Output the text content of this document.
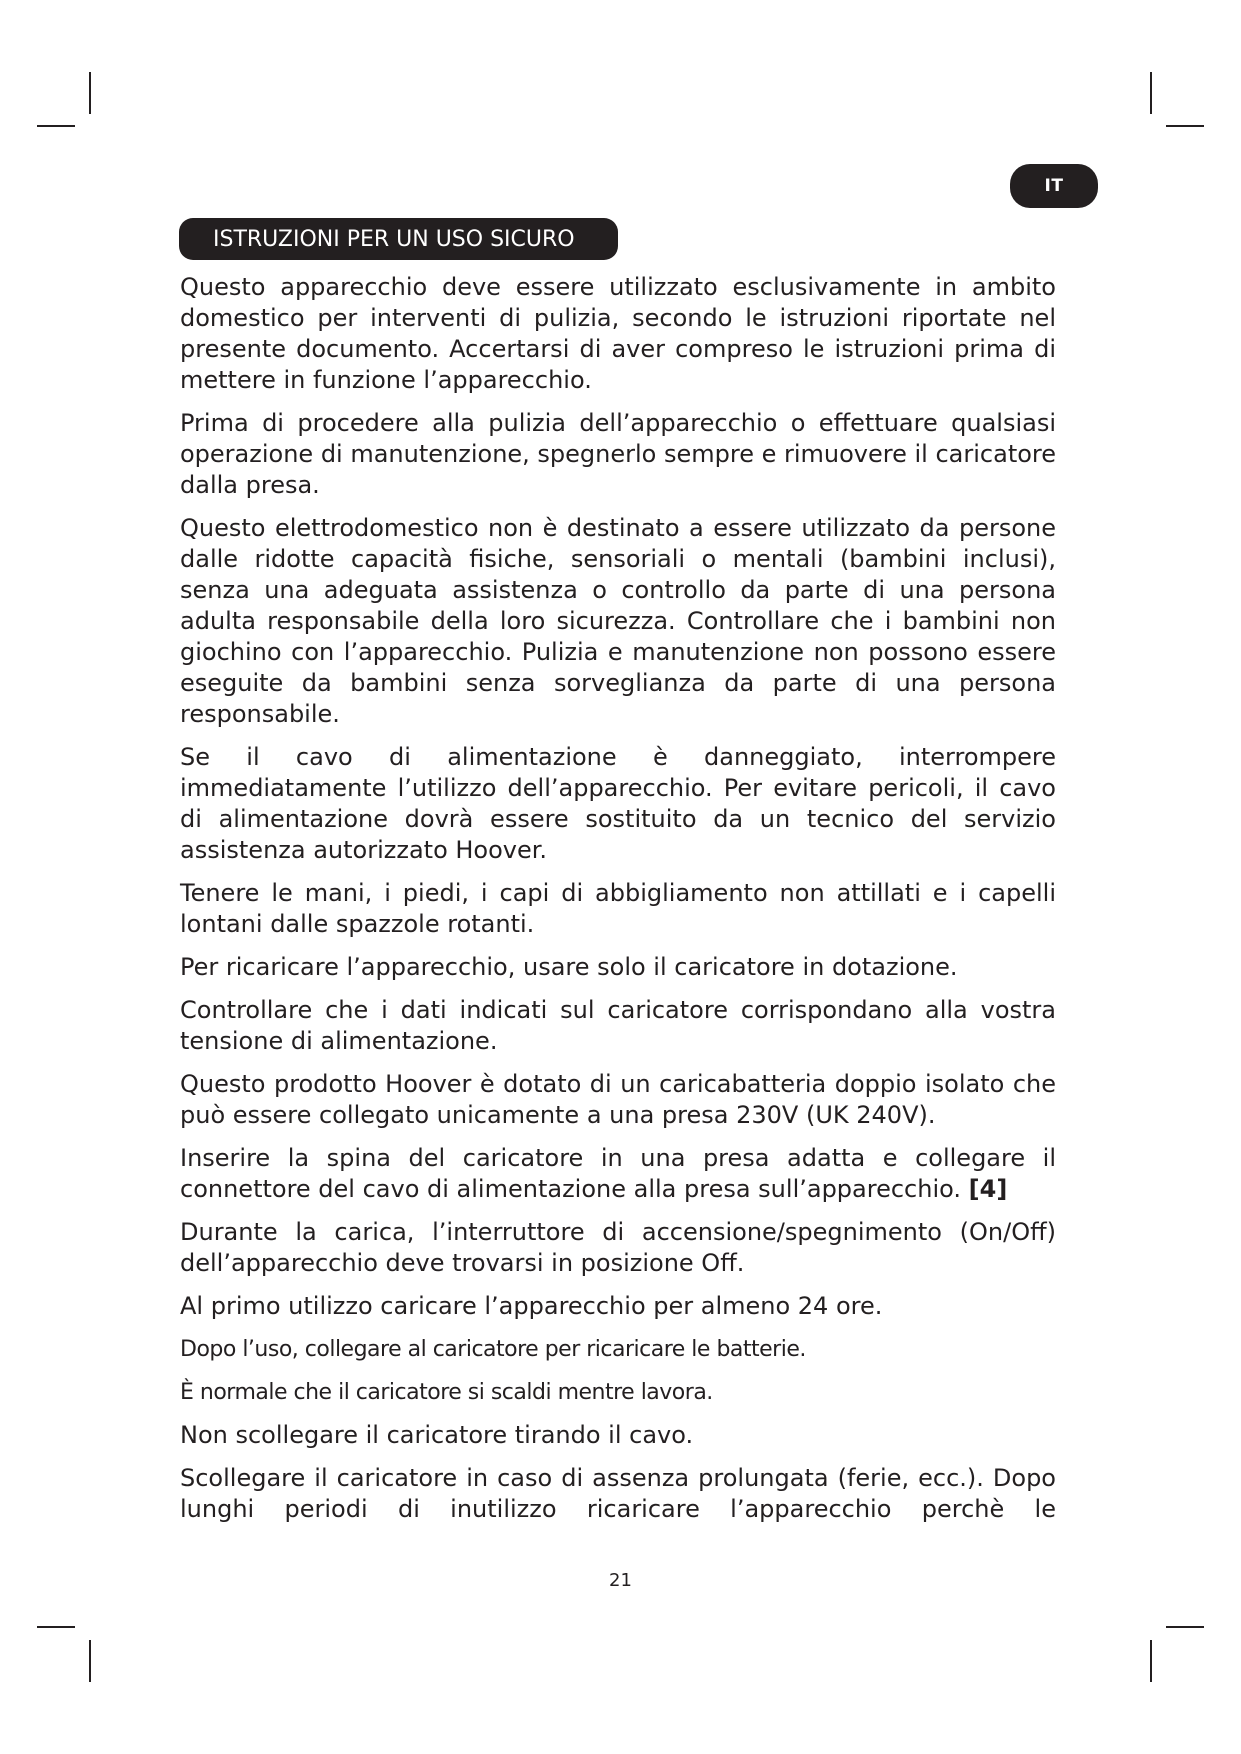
IT
ISTRUZIONI PER UN USO SICURO

Questo apparecchio deve essere utilizzato esclusivamente in ambito domestico per interventi di pulizia, secondo le istruzioni riportate nel presente documento. Accertarsi di aver compreso le istruzioni prima di mettere in funzione l’apparecchio.

Prima di procedere alla pulizia dell’apparecchio o effettuare qualsiasi operazione di manutenzione, spegnerlo sempre e rimuovere il caricatore dalla presa.

Questo elettrodomestico non è destinato a essere utilizzato da persone dalle ridotte capacità fisiche, sensoriali o mentali (bambini inclusi), senza una adeguata assistenza o controllo da parte di una persona adulta responsabile della loro sicurezza. Controllare che i bambini non giochino con l’apparecchio. Pulizia e manutenzione non possono essere eseguite da bambini senza sorveglianza da parte di una persona responsabile.

Se il cavo di alimentazione è danneggiato, interrompere immediatamente l’utilizzo dell’apparecchio. Per evitare pericoli, il cavo di alimentazione dovrà essere sostituito da un tecnico del servizio assistenza autorizzato Hoover.

Tenere le mani, i piedi, i capi di abbigliamento non attillati e i capelli lontani dalle spazzole rotanti.

Per ricaricare l’apparecchio, usare solo il caricatore in dotazione.

Controllare che i dati indicati sul caricatore corrispondano alla vostra tensione di alimentazione.

Questo prodotto Hoover è dotato di un caricabatteria doppio isolato che può essere collegato unicamente a una presa 230V (UK 240V).

Inserire la spina del caricatore in una presa adatta e collegare il connettore del cavo di alimentazione alla presa sull’apparecchio. [4]

Durante la carica, l’interruttore di accensione/spegnimento (On/Off) dell’apparecchio deve trovarsi in posizione Off.

Al primo utilizzo caricare l’apparecchio per almeno 24 ore.

Dopo l’uso, collegare al caricatore per ricaricare le batterie.

È normale che il caricatore si scaldi mentre lavora.

Non scollegare il caricatore tirando il cavo.

Scollegare il caricatore in caso di assenza prolungata (ferie, ecc.). Dopo lunghi periodi di inutilizzo ricaricare l’apparecchio perchè le

21
